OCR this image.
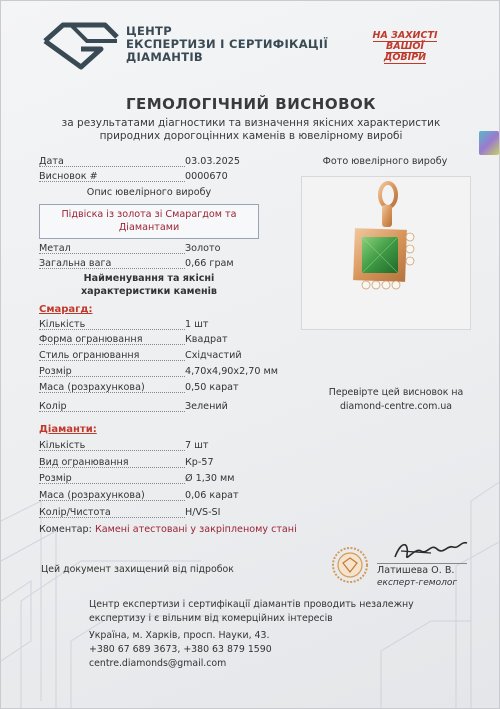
ЦЕНТР
ЕКСПЕРТИЗИ І СЕРТИФІКАЦІЇ
ДІАМАНТІВ
НА ЗАХИСТІ
ВАШОЇ
ДОВІРИ
ГЕМОЛОГІЧНИЙ ВИСНОВОК
за результатами діагностики та визначення якісних характеристик
природних дорогоцінних каменів в ювелірному виробі
Дата	03.03.2025
Висновок #	0000670
Опис ювелірного виробу
Підвіска із золота зі Смарагдом та
Діамантами
Метал	Золото
Загальна вага	0,66 грам
Найменування та якісні
характеристики каменів
Фото ювелірного виробу
Смарагд:
Кількість	1 шт
Форма огранювання	Квадрат
Стиль огранювання	Східчастий
Розмір	4,70х4,90х2,70 мм
Маса (розрахункова)	0,50 карат
Колір	Зелений
Перевірте цей висновок на
diamond-centre.com.ua
Діаманти:
Кількість	7 шт
Вид огранювання	Кр-57
Розмір	Ø 1,30 мм
Маса (розрахункова)	0,06 карат
Колір/Чистота	H/VS-SI
Коментар: Камені атестовані у закріпленому стані
Цей документ захищений від підробок	Латишева О. В.
експерт-гемолог
Центр експертизи і сертифікації діамантів проводить незалежну
експертизу і є вільним від комерційних інтересів
Україна, м. Харків, просп. Науки, 43.
+380 67 689 3673, +380 63 879 1590
centre.diamonds@gmail.com
